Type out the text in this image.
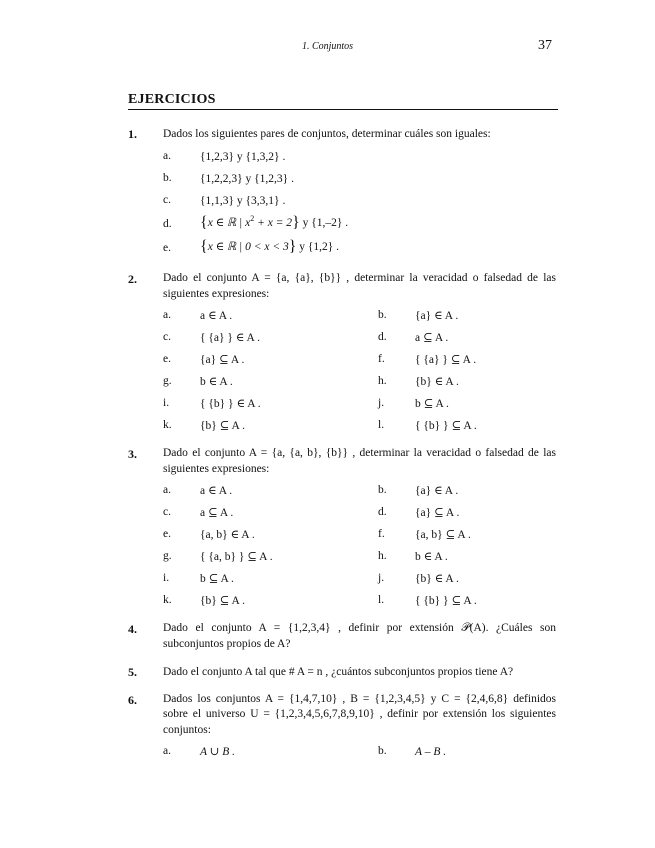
1. Conjuntos	37
EJERCICIOS
1. Dados los siguientes pares de conjuntos, determinar cuáles son iguales:
a.	{1,2,3} y {1,3,2} .
b. {1,2,2,3} y {1,2,3} .
c.	{1,1,3} y {3,3,1} .
d. {x ∈ ℝ | $x^2 + x = 2$} y {1,–2} .
e. {x ∈ ℝ | 0 < x < 3} y {1,2} .
2. Dado el conjunto A = {a, {a}, {b}} , determinar la veracidad o falsedad de las
siguientes expresiones:
a.	a ∈ A .	b. {a} ∈ A .
c.	{ {a} } ∈ A .	d. a ⊆ A .
e.	{a} ⊆ A .	f.	{ {a} } ⊆ A .
g. b ∈ A .	h. {b} ∈ A .
i.	{ {b} } ∈ A .	j.	b ⊆ A .
k. {b} ⊆ A .	l.	{ {b} } ⊆ A .
3. Dado el conjunto A = {a, {a, b}, {b}} , determinar la veracidad o falsedad de las
siguientes expresiones:
a.	a ∈ A .	b. {a} ∈ A .
c.	a ⊆ A .	d. {a} ⊆ A .
e.	{a, b} ∈ A .	f.	{a, b} ⊆ A .
g. { {a, b} } ⊆ A .	h. b ∈ A .
i.	b ⊆ A .	j.	{b} ∈ A .
k. {b} ⊆ A .	l.	{ {b} } ⊆ A .
4. Dado el conjunto A = {1,2,3,4} , definir por extensión 𝒫(A). ¿Cuáles son
subconjuntos propios de A?
5. Dado el conjunto A tal que # A = n , ¿cuántos subconjuntos propios tiene A?
6. Dados los conjuntos A = {1,4,7,10} , B = {1,2,3,4,5} y C = {2,4,6,8} definidos
sobre el universo U = {1,2,3,4,5,6,7,8,9,10} , definir por extensión los siguientes
conjuntos:
a.	A ∪ B .	b. A – B .
